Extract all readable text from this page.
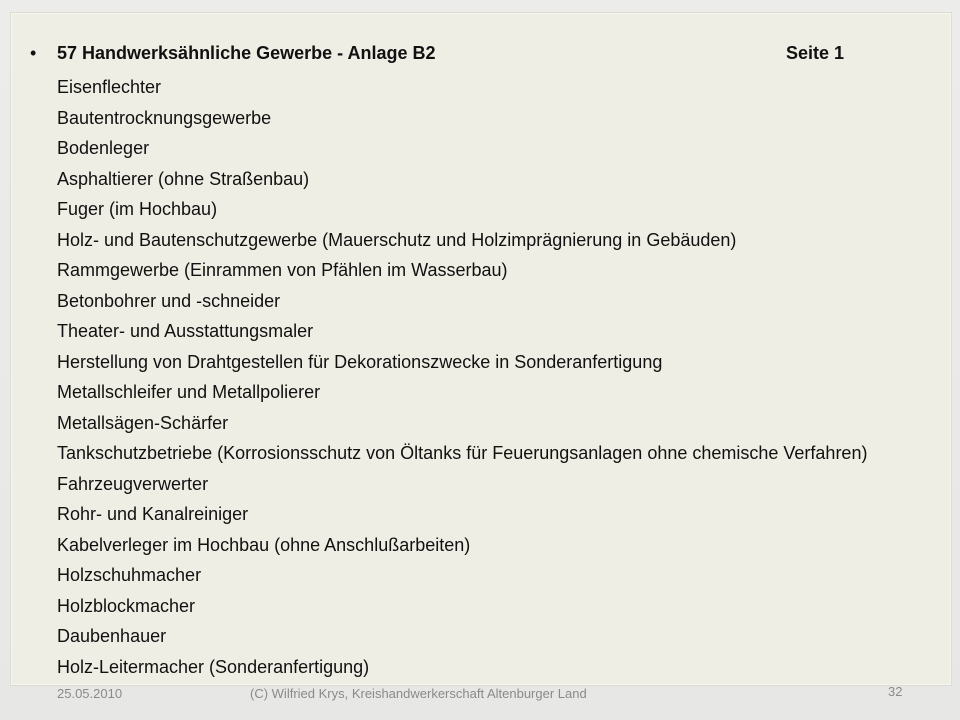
• 57 Handwerksähnliche Gewerbe - Anlage B2	Seite 1
Eisenflechter
Bautentrocknungsgewerbe
Bodenleger
Asphaltierer (ohne Straßenbau)
Fuger (im Hochbau)
Holz- und Bautenschutzgewerbe (Mauerschutz und Holzimprägnierung in Gebäuden)
Rammgewerbe (Einrammen von Pfählen im Wasserbau)
Betonbohrer und -schneider
Theater- und Ausstattungsmaler
Herstellung von Drahtgestellen für Dekorationszwecke in Sonderanfertigung
Metallschleifer und Metallpolierer
Metallsägen-Schärfer
Tankschutzbetriebe (Korrosionsschutz von Öltanks für Feuerungsanlagen ohne chemische Verfahren)
Fahrzeugverwerter
Rohr- und Kanalreiniger
Kabelverleger im Hochbau (ohne Anschlußarbeiten)
Holzschuhmacher
Holzblockmacher
Daubenhauer
Holz-Leitermacher (Sonderanfertigung)
25.05.2010	(C) Wilfried Krys, Kreishandwerkerschaft Altenburger Land	32
